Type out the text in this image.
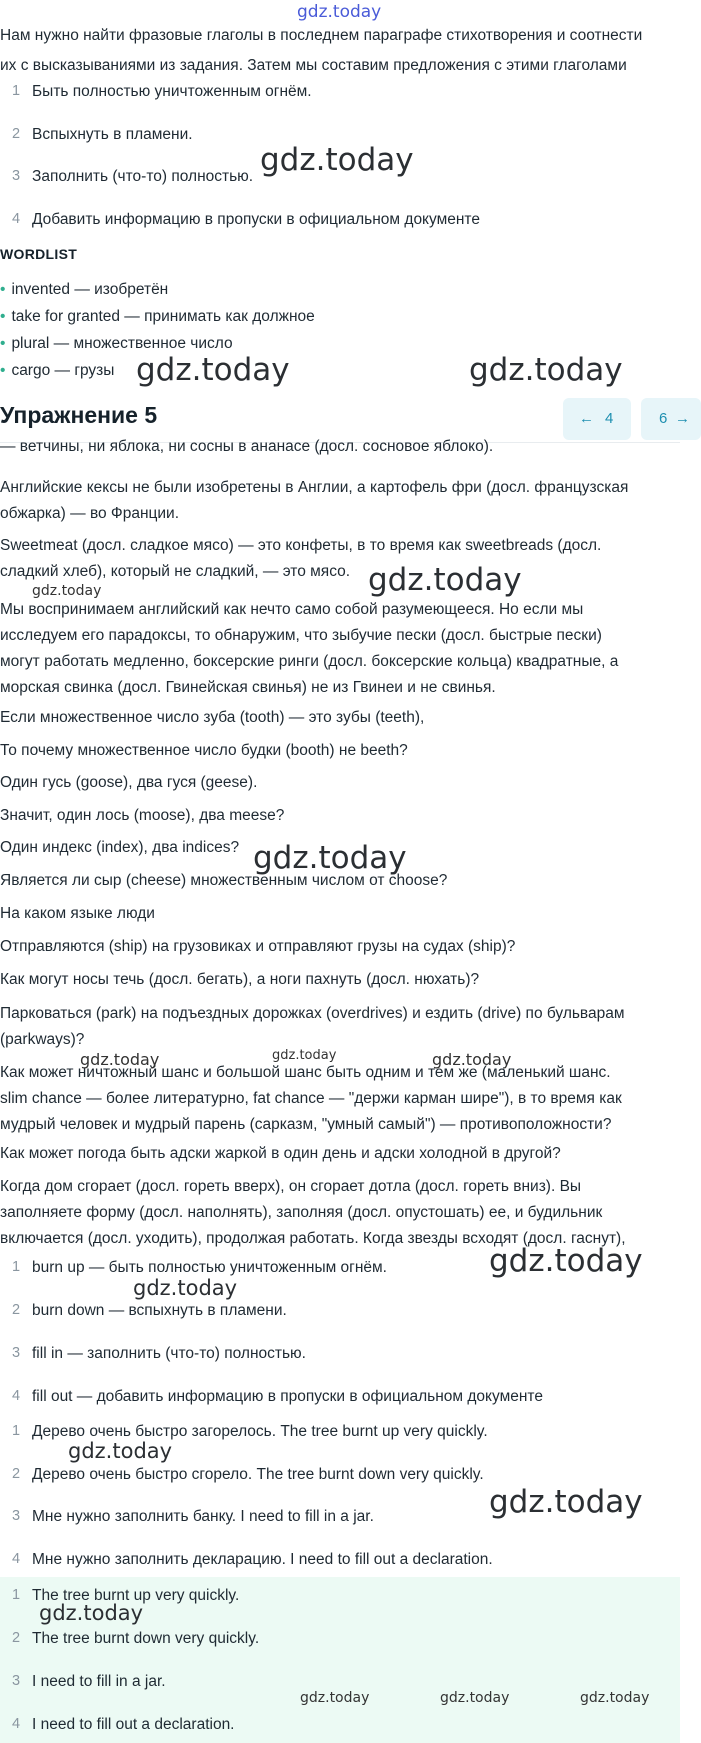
gdz.today
Нам нужно найти фразовые глаголы в последнем параграфе стихотворения и соотнести
их с высказываниями из задания. Затем мы составим предложения с этими глаголами
1 Быть полностью уничтоженным огнём.
2 Вспыхнуть в пламени.
3 Заполнить (что-то) полностью.
4 Добавить информацию в пропуски в официальном документе
gdz.today
WORDLIST
• invented — изобретён
• take for granted — принимать как должное
• plural — множественное число
• cargo — грузы gdz.today	gdz.today
Упражнение 5	← 4	6 →
— ветчины, ни яблока, ни сосны в ананасе (досл. сосновое яблоко).
Английские кексы не были изобретены в Англии, а картофель фри (досл. французская
обжарка) — во Франции.
Sweetmeat (досл. сладкое мясо) — это конфеты, в то время как sweetbreads (досл.
сладкий хлеб), который не сладкий, — это мясо.
Мы воспринимаем английский как нечто само собой разумеющееся. Но если мы
исследуем его парадоксы, то обнаружим, что зыбучие пески (досл. быстрые пески)
могут работать медленно, боксерские ринги (досл. боксерские кольца) квадратные, а
морская свинка (досл. Гвинейская свинья) не из Гвинеи и не свинья.
Если множественное число зуба (tooth) — это зубы (teeth),
То почему множественное число будки (booth) не beeth?
Один гусь (goose), два гуся (geese).
Значит, один лось (moose), два meese?
Один индекс (index), два indices?
Является ли сыр (cheese) множественным числом от choose?
На каком языке люди
Отправляются (ship) на грузовиках и отправляют грузы на судах (ship)?
Как могут носы течь (досл. бегать), а ноги пахнуть (досл. нюхать)?
Парковаться (park) на подъездных дорожках (overdrives) и ездить (drive) по бульварам
(parkways)?
Как может ничтожный шанс и большой шанс быть одним и тем же (маленький шанс.
slim chance — более литературно, fat chance — "держи карман шире"), в то время как
мудрый человек и мудрый парень (сарказм, "умный самый") — противоположности?
Как может погода быть адски жаркой в один день и адски холодной в другой?
Когда дом сгорает (досл. гореть вверх), он сгорает дотла (досл. гореть вниз). Вы
заполняете форму (досл. наполнять), заполняя (досл. опустошать) ее, и будильник
включается (досл. уходить), продолжая работать. Когда звезды всходят (досл. гаснут),
gdz.today
gdz.today
gdz.today
gdz.today	gdz.today	gdz.today
1 burn up — быть полностью уничтоженным огнём.
2 burn down — вспыхнуть в пламени.
3 fill in — заполнить (что-то) полностью.
4 fill out — добавить информацию в пропуски в официальном документе
gdz.today
gdz.today
1 Дерево очень быстро загорелось. The tree burnt up very quickly.
2 Дерево очень быстро сгорело. The tree burnt down very quickly.
3 Мне нужно заполнить банку. I need to fill in a jar.
4 Мне нужно заполнить декларацию. I need to fill out a declaration.
gdz.today
gdz.today
1 The tree burnt up very quickly.
2 The tree burnt down very quickly.
3 I need to fill in a jar.
4 I need to fill out a declaration.
gdz.today
gdz.today	gdz.today	gdz.today
